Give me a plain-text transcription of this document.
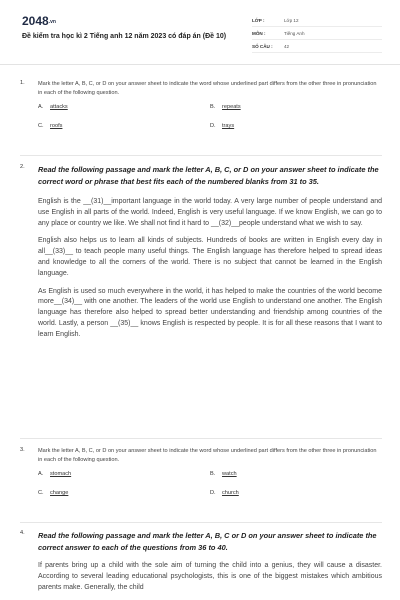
2048.vn
Đề kiểm tra học kì 2 Tiếng anh 12 năm 2023 có đáp án (Đề 10)
LỚP :	Lớp 12
MÔN :	Tiếng Anh
SỐ CÂU :	42
1. Mark the letter A, B, C, or D on your answer sheet to indicate the word whose underlined part differs from the other three in pronunciation in each of the following question.
A. attacks	B. repeats
C. roofs	D. trays
2. Read the following passage and mark the letter A, B, C, or D on your answer sheet to indicate the correct word or phrase that best fits each of the numbered blanks from 31 to 35.

English is the __(31)__important language in the world today. A very large number of people understand and use English in all parts of the world. Indeed, English is very useful language. If we know English, we can go to any place or country we like. We shall not find it hard to __(32)__people understand what we wish to say.

English also helps us to learn all kinds of subjects. Hundreds of books are written in English every day in all__(33)__ to teach people many useful things. The English language has therefore helped to spread ideas and knowledge to all the corners of the world. There is no subject that cannot be learned in the English language.

As English is used so much everywhere in the world, it has helped to make the countries of the world become more__(34)__ with one another. The leaders of the world use English to understand one another. The English language has therefore also helped to spread better understanding and friendship among countries of the world. Lastly, a person __(35)__ knows English is respected by people. It is for all these reasons that I want to learn English.

3. Mark the letter A, B, C, or D on your answer sheet to indicate the word whose underlined part differs from the other three in pronunciation in each of the following question.
A. stomach	B. watch
C. change	D. church
4. Read the following passage and mark the letter A, B, C or D on your answer sheet to indicate the correct answer to each of the questions from 36 to 40.

If parents bring up a child with the sole aim of turning the child into a genius, they will cause a disaster. According to several leading educational psychologists, this is one of the biggest mistakes which ambitious parents make. Generally, the child
